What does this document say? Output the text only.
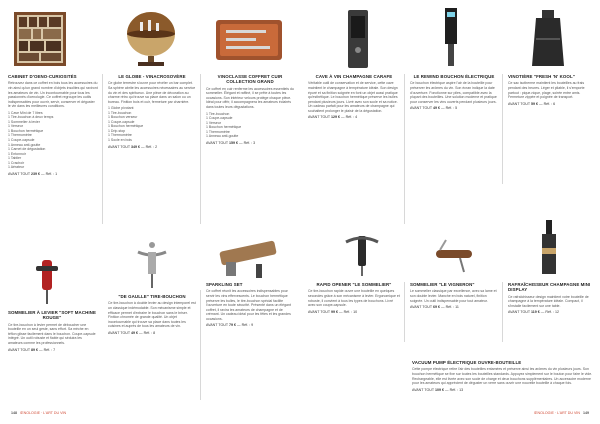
CABINET D'OENO-CURIOSITÉS

Retrouvez dans ce coffret en bois tous les accessoires du vin ainsi qu'un grand nombre d'objets insolites qui raviront les amateurs de vin. Un incontournable pour tous les passionnés d'oenologie. Ce coffret regroupe les outils indispensables pour ouvrir, servir, conserver et déguster le vin dans les meilleures conditions.

1 Cave Mini de 7 litres
1 Tire-bouchon à deux temps
1 Sommelier à levier
1 Verseur
1 Bouchon hermétique
1 Thermomètre
1 Coupe-capsule
1 Anneau anti-goutte
1 Carnet de dégustation
1 Entonnoir
1 Tablier
1 Crachoir
1 Aérateur

AVANT TOUT 239 € — Réf. : 1

LE GLOBE - VINACROSOVÈRE

Ce globe terrestre s'ouvre pour révéler un bar complet. Sa sphère abrite les accessoires nécessaires au service du vin et des spiritueux. Une pièce de décoration au charme rétro qui trouve sa place dans un salon ou un bureau. Finition bois et cuir, fermeture par charnière.

1 Globe pivotant
1 Tire-bouchon
1 Bouchon verseur
1 Coupe-capsule
1 Bouchon hermétique
1 Drip-stop
1 Thermomètre
1 Socle en bois

AVANT TOUT 349 € — Réf. : 2

VINOCLASSE COFFRET CUIR COLLECTION GRAND

Ce coffret en cuir renferme les accessoires essentiels du sommelier. Élégant et raffiné, il se prête à toutes les occasions. Son intérieur velours protège chaque pièce. Idéal pour offrir, il accompagnera les amateurs éclairés dans toutes leurs dégustations.

1 Tire-bouchon
1 Coupe-capsule
1 Verseur
1 Bouchon hermétique
1 Thermomètre
1 Anneau anti-goutte

AVANT TOUT 159 € — Réf. : 3

SOMMELIER À LEVIER "SOFT MACHINE ROUGE"

Ce tire-bouchon à levier permet de déboucher une bouteille en un seul geste, sans effort. Sa mèche en téflon glisse facilement dans le bouchon. Coupe-capsule intégré. Un outil robuste et fiable qui séduira les amateurs comme les professionnels.

AVANT TOUT 89 € — Réf. : 7

"DE GAULLE" TIRE-BOUCHON

Ce tire-bouchon à double levier au design intemporel est un classique indémodable. Son mécanisme simple et efficace permet d'extraire le bouchon sans le briser. Finition chromée de grande qualité. Un objet incontournable qui trouve sa place dans toutes les cuisines et auprès de tous les amateurs de vin.

AVANT TOUT 49 € — Réf. : 8

SPARKLING SET

Ce coffret réunit les accessoires indispensables pour servir les vins effervescents. Le bouchon hermétique préserve les bulles, le tire-bouchon spécial facilite l'ouverture en toute sécurité. Présenté dans un élégant coffret, il ravira les amateurs de champagne et de crémant. Un cadeau idéal pour les fêtes et les grandes occasions.

AVANT TOUT 79 € — Réf. : 9

148 ŒNOLOGIE · L'ART DU VIN
CAVE À VIN CHAMPAGNE CARAFE

Véritable outil de conservation et de service, cette cave maintient le champagne à température idéale. Son design épuré et sa finition soignée en font un objet aussi pratique qu'esthétique. Le bouchon hermétique préserve les bulles pendant plusieurs jours. Livré avec son socle et sa notice. Un cadeau parfait pour les amateurs de champagne qui souhaitent prolonger le plaisir de la dégustation.

AVANT TOUT 129 € — Réf. : 4

LE REWIND BOUCHON ÉLECTRIQUE

Ce bouchon électrique aspire l'air de la bouteille pour préserver les arômes du vin. Son écran indique la date d'ouverture. Fonctionne sur piles, compatible avec la plupart des bouteilles. Une solution moderne et pratique pour conserver les vins ouverts pendant plusieurs jours.

AVANT TOUT 49 € — Réf. : 5

VINOTIÈRE "FRESH 'N' KOOL"

Ce sac isotherme maintient les bouteilles au frais pendant des heures. Léger et pliable, il s'emporte partout : pique-nique, plage, soirée entre amis. Fermeture zippée et poignée de transport.

AVANT TOUT 59 € — Réf. : 6

RAPID OPENER "LE SOMMELIER"

Ce tire-bouchon rapide ouvre une bouteille en quelques secondes grâce à son mécanisme à levier. Ergonomique et robuste, il convient à tous les types de bouchons. Livré avec son coupe-capsule.

AVANT TOUT 99 € — Réf. : 10

SOMMELIER "LE VIGNERON"

Le sommelier classique par excellence, avec sa lame et son double levier. Manche en bois naturel, finition soignée. Un outil indispensable pour tout amateur.

AVANT TOUT 69 € — Réf. : 11

RAFRAÎCHISSEUR CHAMPAGNE MINI DISPLAY

Ce rafraîchisseur design maintient votre bouteille de champagne à la température idéale. Compact, il s'installe facilement sur une table.

AVANT TOUT 119 € — Réf. : 12

VACUUM PUMP ÉLECTRIQUE OUVRE-BOUTEILLE

Cette pompe électrique retire l'air des bouteilles entamées et préserve ainsi les arômes du vin plusieurs jours. Son bouchon hermétique se fixe sur toutes les bouteilles standards. Appuyez simplement sur le bouton pour faire le vide. Rechargeable, elle est livrée avec son socle de charge et deux bouchons supplémentaires. Un accessoire moderne pour les amateurs qui apprécient de déguster un verre sans ouvrir une nouvelle bouteille à chaque fois.

AVANT TOUT 109 € — Réf. : 13

ŒNOLOGIE · L'ART DU VIN 149
